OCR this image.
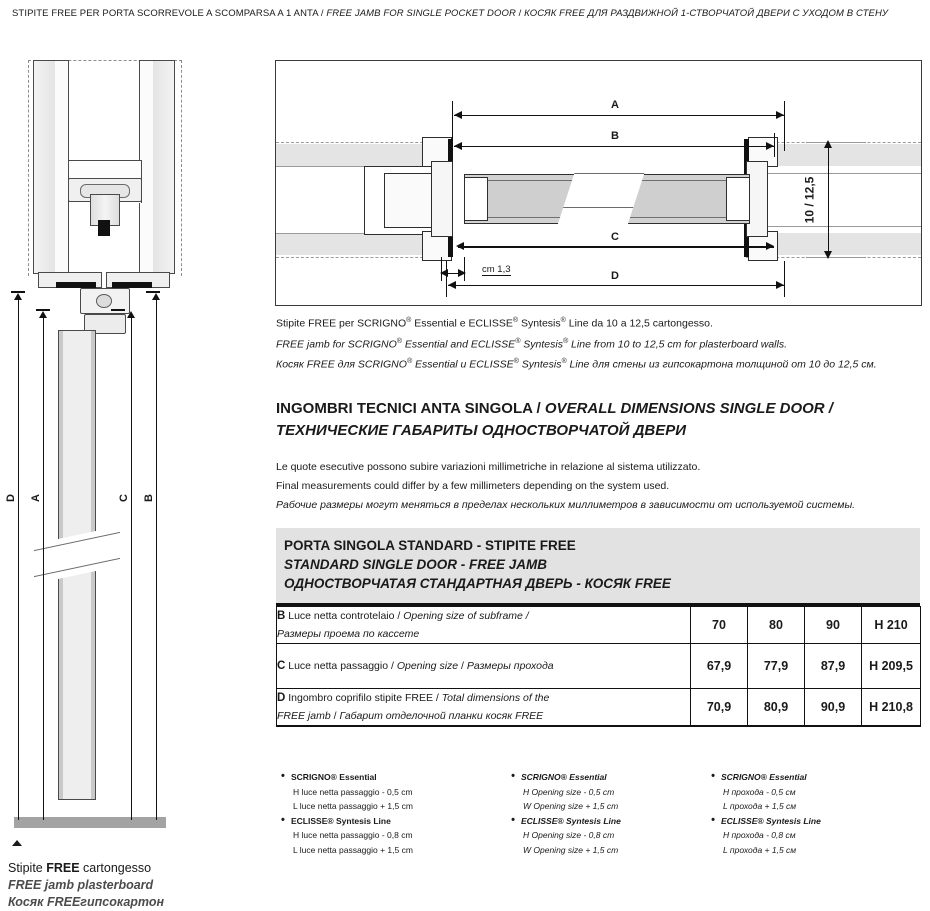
STIPITE FREE PER PORTA SCORREVOLE A SCOMPARSA A 1 ANTA / FREE JAMB FOR SINGLE POCKET DOOR / КОСЯК FREE ДЛЯ РАЗДВИЖНОЙ 1-СТВОРЧАТОЙ ДВЕРИ С УХОДОМ В СТЕНУ
D A	C B
Stipite FREE cartongesso
FREE jamb plasterboard
Косяк FREEгипсокартон
A
B
C
cm 1,3
D
10 / 12,5
Stipite FREE per SCRIGNO® Essential e ECLISSE® Syntesis® Line da 10 a 12,5 cartongesso.
FREE jamb for SCRIGNO® Essential and ECLISSE® Syntesis® Line from 10 to 12,5 cm for plasterboard walls.
Косяк FREE для SCRIGNO® Essential и ECLISSE® Syntesis® Line для стены из гипсокартона толщиной от 10 до 12,5 см.
INGOMBRI TECNICI ANTA SINGOLA / OVERALL DIMENSIONS SINGLE DOOR /
ТЕХНИЧЕСКИЕ ГАБАРИТЫ ОДНОСТВОРЧАТОЙ ДВЕРИ
Le quote esecutive possono subire variazioni millimetriche in relazione al sistema utilizzato.
Final measurements could differ by a few millimeters depending on the system used.
Рабочие размеры могут меняться в пределах нескольких миллиметров в зависимости от используемой системы.
PORTA SINGOLA STANDARD - STIPITE FREE
STANDARD SINGLE DOOR - FREE JAMB
ОДНОСТВОРЧАТАЯ СТАНДАРТНАЯ ДВЕРЬ - КОСЯК FREE
B Luce netta controtelaio / Opening size of subframe /
Размеры проема по кассете	70	80	90	H 210
C Luce netta passaggio / Opening size / Размеры прохода	67,9	77,9	87,9	H 209,5
D Ingombro coprifilo stipite FREE / Total dimensions of the
FREE jamb / Габарит отделочной планки косяк FREE	70,9	80,9	90,9	H 210,8
• SCRIGNO® Essential
H luce netta passaggio - 0,5 cm
L luce netta passaggio + 1,5 cm
• ECLISSE® Syntesis Line
H luce netta passaggio - 0,8 cm
L luce netta passaggio + 1,5 cm
• SCRIGNO® Essential
H Opening size - 0,5 cm
W Opening size + 1,5 cm
• ECLISSE® Syntesis Line
H Opening size - 0,8 cm
W Opening size + 1,5 cm
• SCRIGNO® Essential
H прохода - 0,5 см
L прохода + 1,5 см
• ECLISSE® Syntesis Line
H прохода - 0,8 см
L прохода + 1,5 см
